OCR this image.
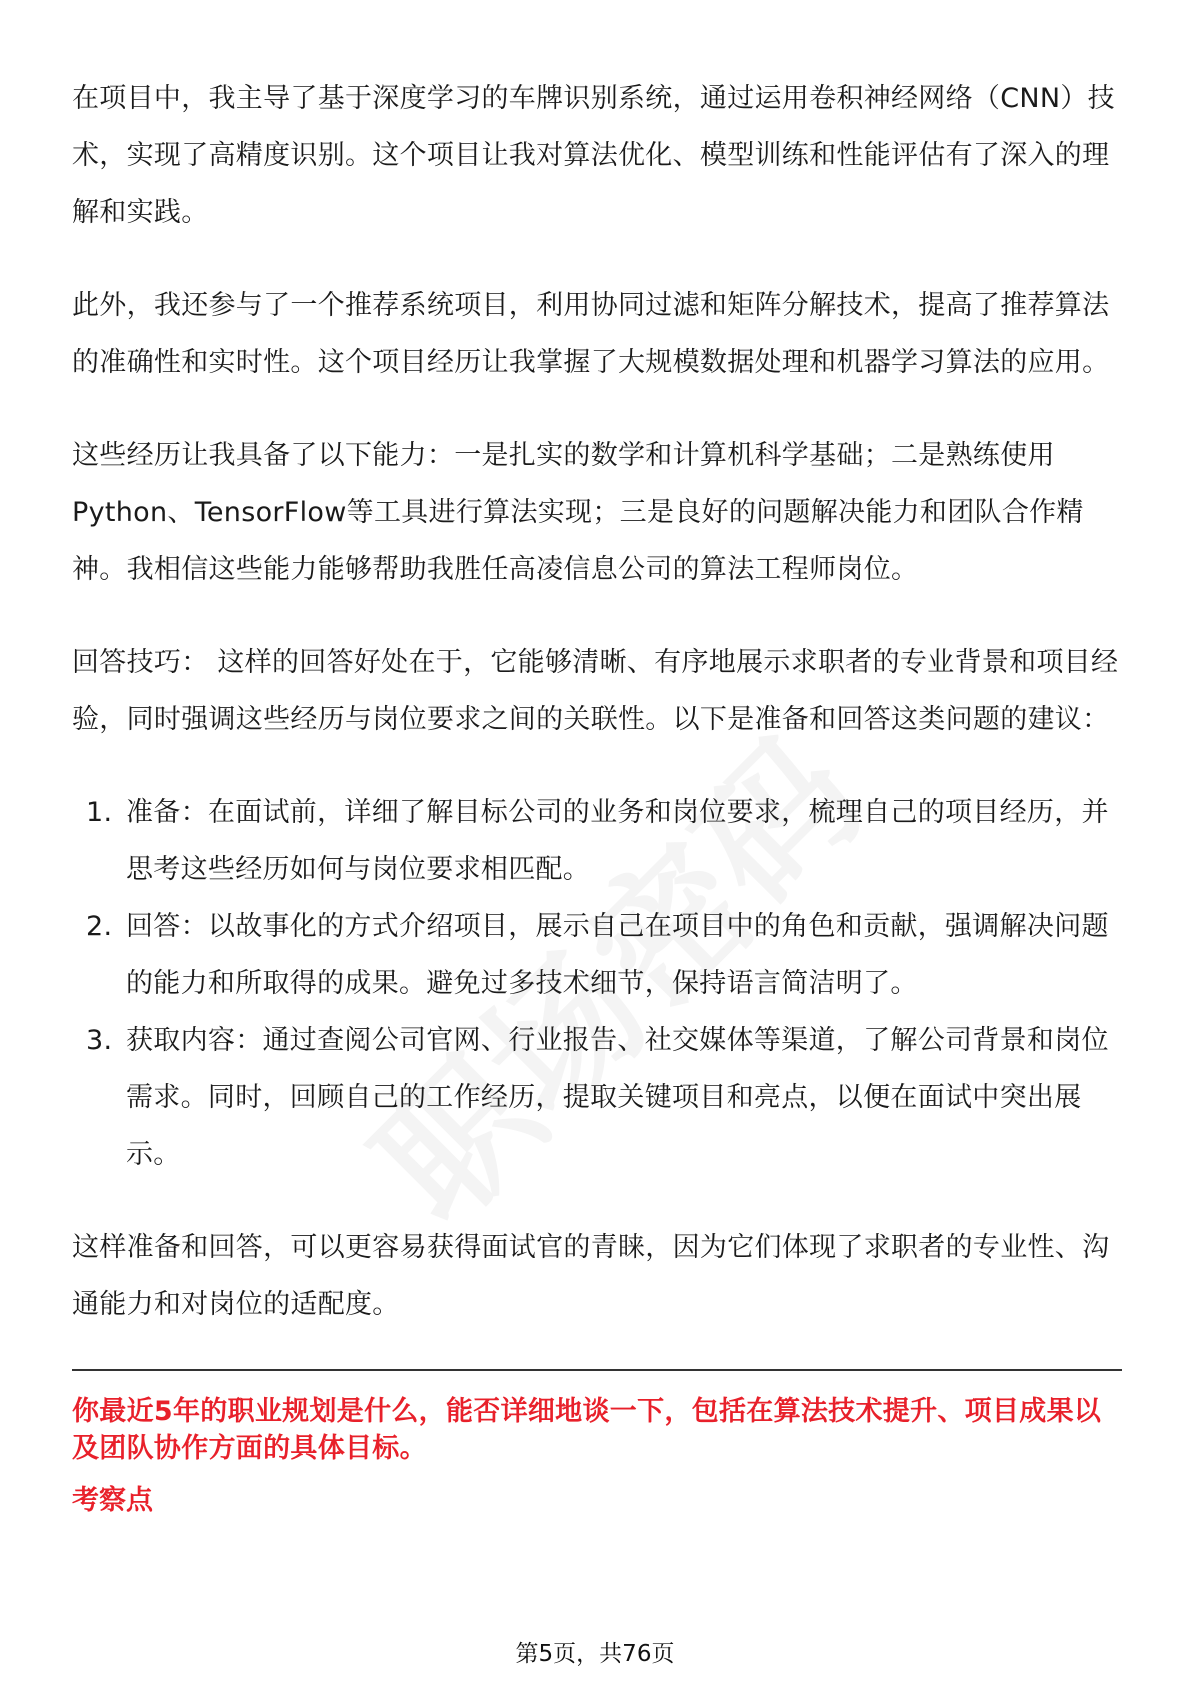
在项目中，我主导了基于深度学习的车牌识别系统，通过运用卷积神经网络（CNN）技术，实现了高精度识别。这个项目让我对算法优化、模型训练和性能评估有了深入的理解和实践。

此外，我还参与了一个推荐系统项目，利用协同过滤和矩阵分解技术，提高了推荐算法的准确性和实时性。这个项目经历让我掌握了大规模数据处理和机器学习算法的应用。

这些经历让我具备了以下能力：一是扎实的数学和计算机科学基础；二是熟练使用Python、TensorFlow等工具进行算法实现；三是良好的问题解决能力和团队合作精神。我相信这些能力能够帮助我胜任高凌信息公司的算法工程师岗位。

回答技巧： 这样的回答好处在于，它能够清晰、有序地展示求职者的专业背景和项目经验，同时强调这些经历与岗位要求之间的关联性。以下是准备和回答这类问题的建议：

1. 准备：在面试前，详细了解目标公司的业务和岗位要求，梳理自己的项目经历，并思考这些经历如何与岗位要求相匹配。
2. 回答：以故事化的方式介绍项目，展示自己在项目中的角色和贡献，强调解决问题的能力和所取得的成果。避免过多技术细节，保持语言简洁明了。
3. 获取内容：通过查阅公司官网、行业报告、社交媒体等渠道，了解公司背景和岗位需求。同时，回顾自己的工作经历，提取关键项目和亮点，以便在面试中突出展示。

这样准备和回答，可以更容易获得面试官的青睐，因为它们体现了求职者的专业性、沟通能力和对岗位的适配度。

你最近5年的职业规划是什么，能否详细地谈一下，包括在算法技术提升、项目成果以及团队协作方面的具体目标。
考察点
第5页，共76页
